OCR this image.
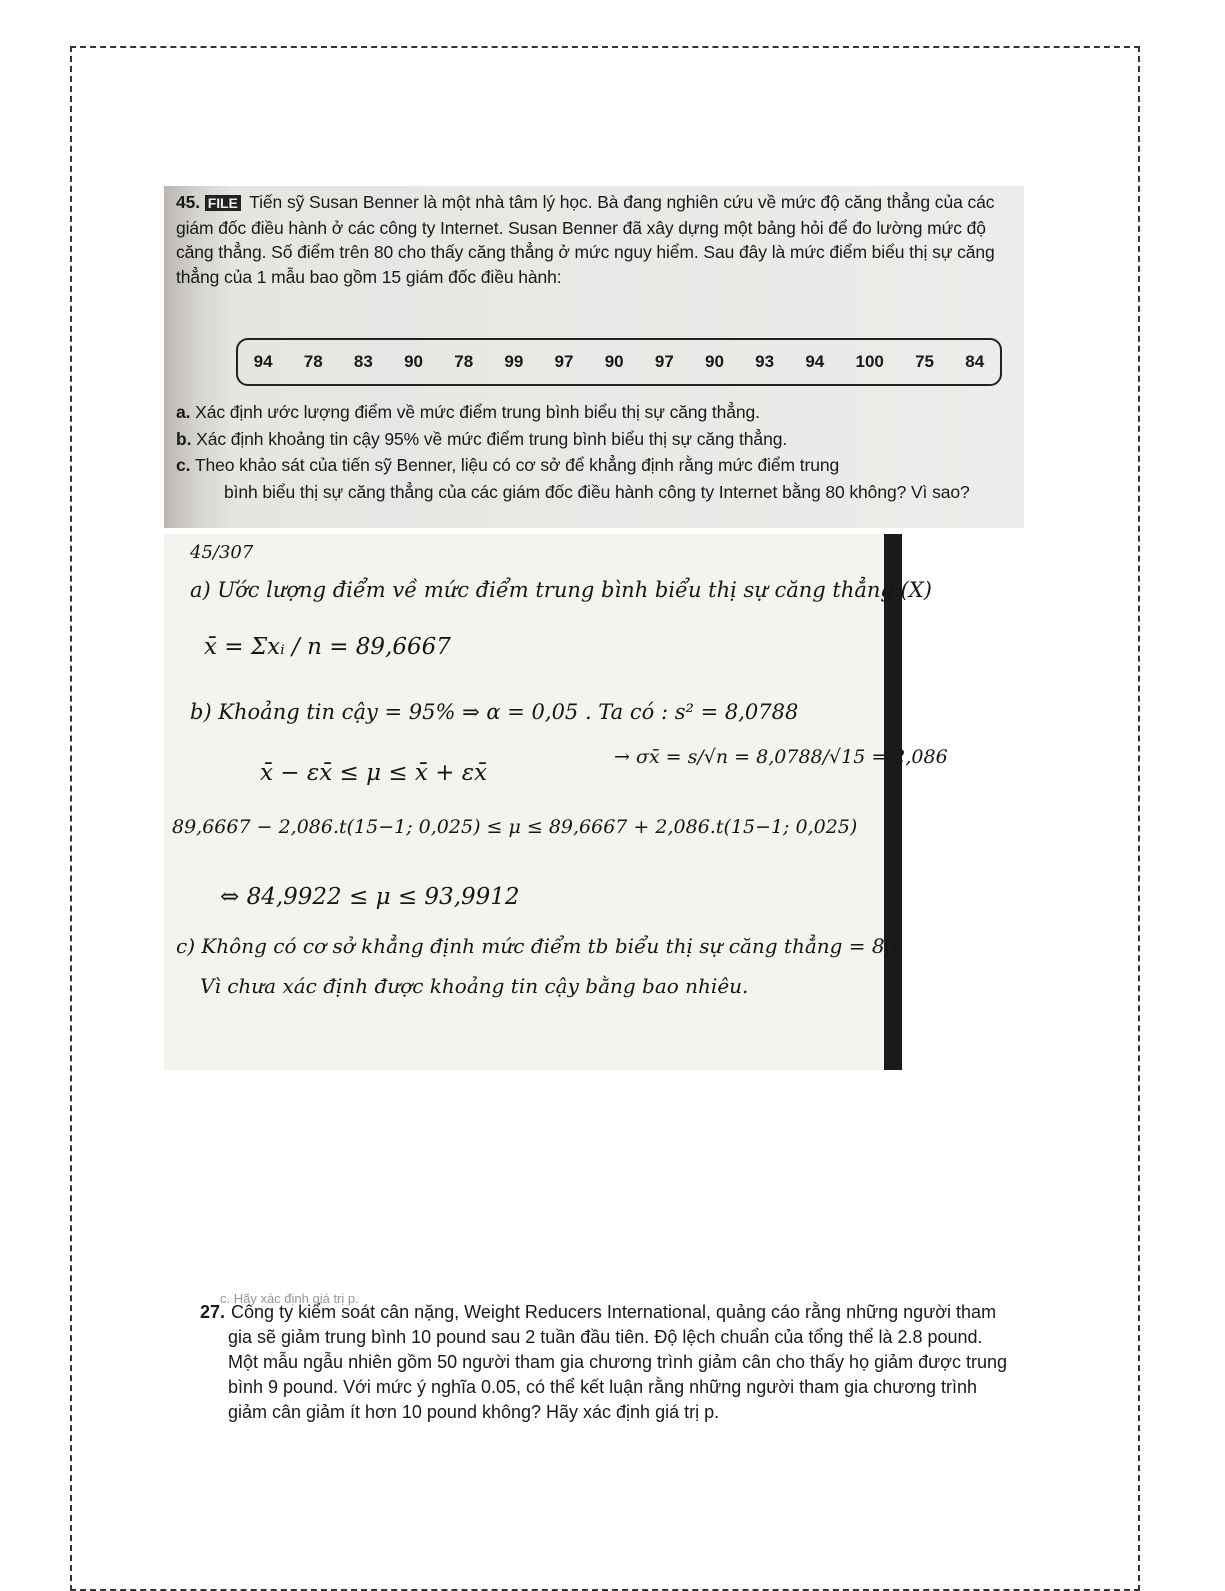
45. FILE Tiến sỹ Susan Benner là một nhà tâm lý học. Bà đang nghiên cứu về mức độ căng thẳng của các giám đốc điều hành ở các công ty Internet. Susan Benner đã xây dựng một bảng hỏi để đo lường mức độ căng thẳng. Số điểm trên 80 cho thấy căng thẳng ở mức nguy hiểm. Sau đây là mức điểm biểu thị sự căng thẳng của 1 mẫu bao gồm 15 giám đốc điều hành:
94 78 83 90 78 99 97 90 97 90 93 94 100 75 84
a. Xác định ước lượng điểm về mức điểm trung bình biểu thị sự căng thẳng.
b. Xác định khoảng tin cậy 95% về mức điểm trung bình biểu thị sự căng thẳng.
c. Theo khảo sát của tiến sỹ Benner, liệu có cơ sở để khẳng định rằng mức điểm trung
bình biểu thị sự căng thẳng của các giám đốc điều hành công ty Internet bằng 80 không? Vì sao?
45/307
a) Ước lượng điểm về mức điểm trung bình biểu thị sự căng thẳng (X)
x̄ = Σxᵢ / n = 89,6667
b) Khoảng tin cậy = 95% ⇒ α = 0,05 . Ta có : s² = 8,0788
→ σx̄ = s/√n = 8,0788/√15 = 2,086
x̄ − εx̄ ≤ μ ≤ x̄ + εx̄
89,6667 − 2,086.t(15−1; 0,025) ≤ μ ≤ 89,6667 + 2,086.t(15−1; 0,025)
⇔ 84,9922 ≤ μ ≤ 93,9912
c) Không có cơ sở khẳng định mức điểm tb biểu thị sự căng thẳng = 80
Vì chưa xác định được khoảng tin cậy bằng bao nhiêu.
c. Hãy xác định giá trị p.
27. Công ty kiểm soát cân nặng, Weight Reducers International, quảng cáo rằng những người tham gia sẽ giảm trung bình 10 pound sau 2 tuần đầu tiên. Độ lệch chuẩn của tổng thể là 2.8 pound. Một mẫu ngẫu nhiên gồm 50 người tham gia chương trình giảm cân cho thấy họ giảm được trung bình 9 pound. Với mức ý nghĩa 0.05, có thể kết luận rằng những người tham gia chương trình giảm cân giảm ít hơn 10 pound không? Hãy xác định giá trị p.
